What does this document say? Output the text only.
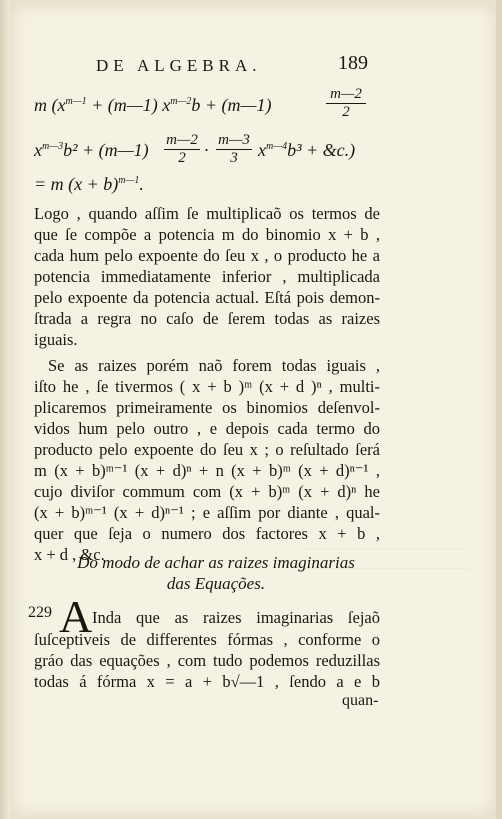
—————————————
—————————————
DE ALGEBRA.	189
m ($x^{m—1}$ + (m—1) $x^{m—2}b$ + (m—1)	$\frac{m—2}{2}$
$x^{m—3}b^2$ + (m—1) $\frac{m—2}{2} \cdot \frac{m—3}{3} x^{m—4}b^3$ + &c.)
= m $(x + b)^{m—1}$.
Logo , quando aſſim ſe multiplicaõ os termos de
que ſe compõe a potencia m do binomio x + b ,
cada hum pelo expoente do ſeu x , o producto he a
potencia immediatamente inferior , multiplicada
pelo expoente da potencia actual. Eſtá pois demon-
ſtrada a regra no caſo de ſerem todas as raizes
iguais.
Se as raizes porém naõ forem todas iguais ,
iſto he , ſe tivermos ( x + b )ᵐ (x + d )ⁿ , multi-
plicaremos primeiramente os binomios deſenvol-
vidos hum pelo outro , e depois cada termo do
producto pelo expoente do ſeu x ; o reſultado ſerá
m (x + b)ᵐ⁻¹ (x + d)ⁿ + n (x + b)ᵐ (x + d)ⁿ⁻¹ ,
cujo diviſor commum com (x + b)ᵐ (x + d)ⁿ he
(x + b)ᵐ⁻¹ (x + d)ⁿ⁻¹ ; e aſſim por diante , qual-
quer que ſeja o numero dos factores x + b ,
x + d , &c.
Do modo de achar as raizes imaginarias
das Equações.
229 A Inda que as raizes imaginarias ſejaõ
ſuſceptiveis de differentes fórmas , conforme o
gráo das equações , com tudo podemos reduzillas
todas á fórma x = a + b√—1 , ſendo a e b
quan-
